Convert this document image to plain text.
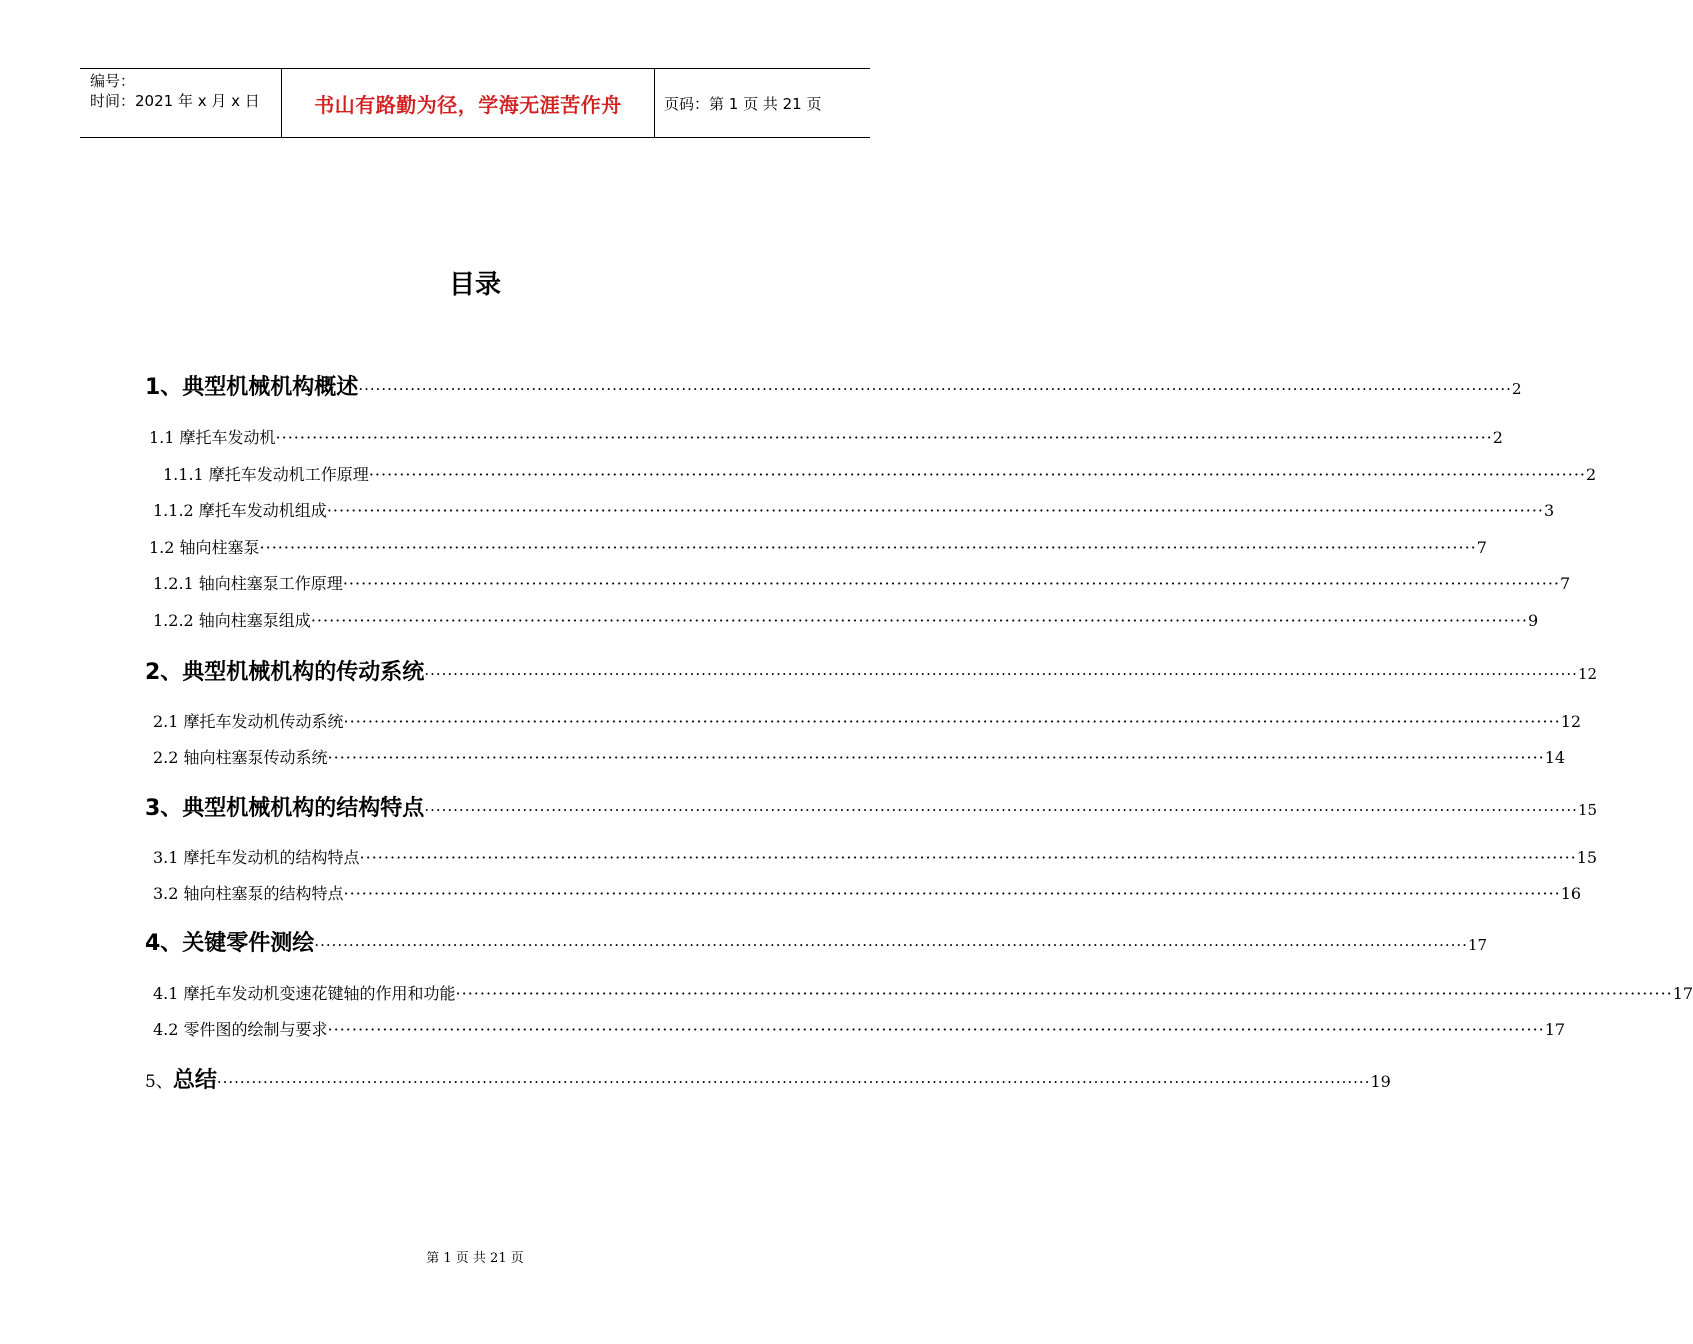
编号：
时间：2021 年 x 月 x 日	书山有路勤为径，学海无涯苦作舟	页码：第 1 页 共 21 页
目录
1、典型机械机构概述 ········································································································································································································ 2
1.1 摩托车发动机 ········································································································································································································ 2
1.1.1 摩托车发动机工作原理 ········································································································································································································ 2
1.1.2 摩托车发动机组成 ········································································································································································································ 3
1.2 轴向柱塞泵 ········································································································································································································ 7
1.2.1 轴向柱塞泵工作原理 ········································································································································································································ 7
1.2.2 轴向柱塞泵组成 ········································································································································································································ 9
2、典型机械机构的传动系统 ········································································································································································································ 12
2.1 摩托车发动机传动系统 ········································································································································································································ 12
2.2 轴向柱塞泵传动系统 ········································································································································································································ 14
3、典型机械机构的结构特点 ········································································································································································································ 15
3.1 摩托车发动机的结构特点 ········································································································································································································ 15
3.2 轴向柱塞泵的结构特点 ········································································································································································································ 16
4、关键零件测绘 ········································································································································································································ 17
4.1 摩托车发动机变速花键轴的作用和功能 ········································································································································································································ 17
4.2 零件图的绘制与要求 ········································································································································································································ 17
5、总结 ········································································································································································································ 19
第 1 页 共 21 页
